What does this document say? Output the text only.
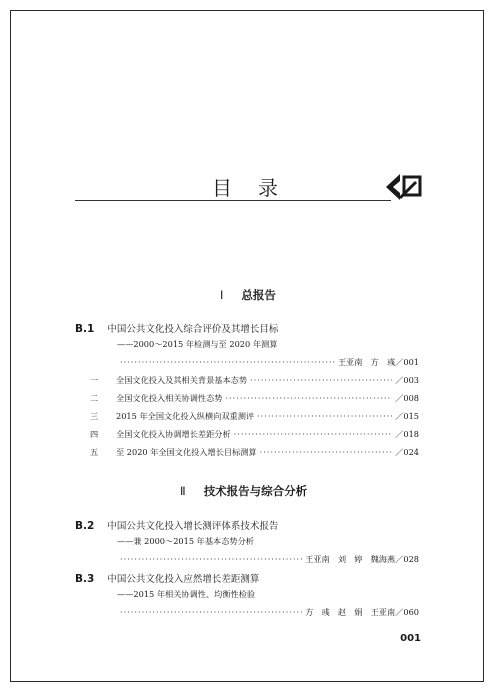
目录
Ⅰ 总报告
B.1 中国公共文化投入综合评价及其增长目标
——2000～2015 年检测与至 2020 年测算
·····
王亚南　方　彧／001
一	全国文化投入及其相关背景基本态势 ·····	／003
二	全国文化投入相关协调性态势 ·····	／008
三	2015 年全国文化投入纵横向双重测评 ·····	／015
四	全国文化投入协调增长差距分析 ·····	／018
五	至 2020 年全国文化投入增长目标测算 ·····	／024
Ⅱ 技术报告与综合分析
B.2 中国公共文化投入增长测评体系技术报告
——兼 2000～2015 年基本态势分析
·····
王亚南　刘　婷　魏海燕／028
B.3 中国公共文化投入应然增长差距测算
——2015 年相关协调性、均衡性检验
·····
方　彧　赵　娟　王亚南／060
001
